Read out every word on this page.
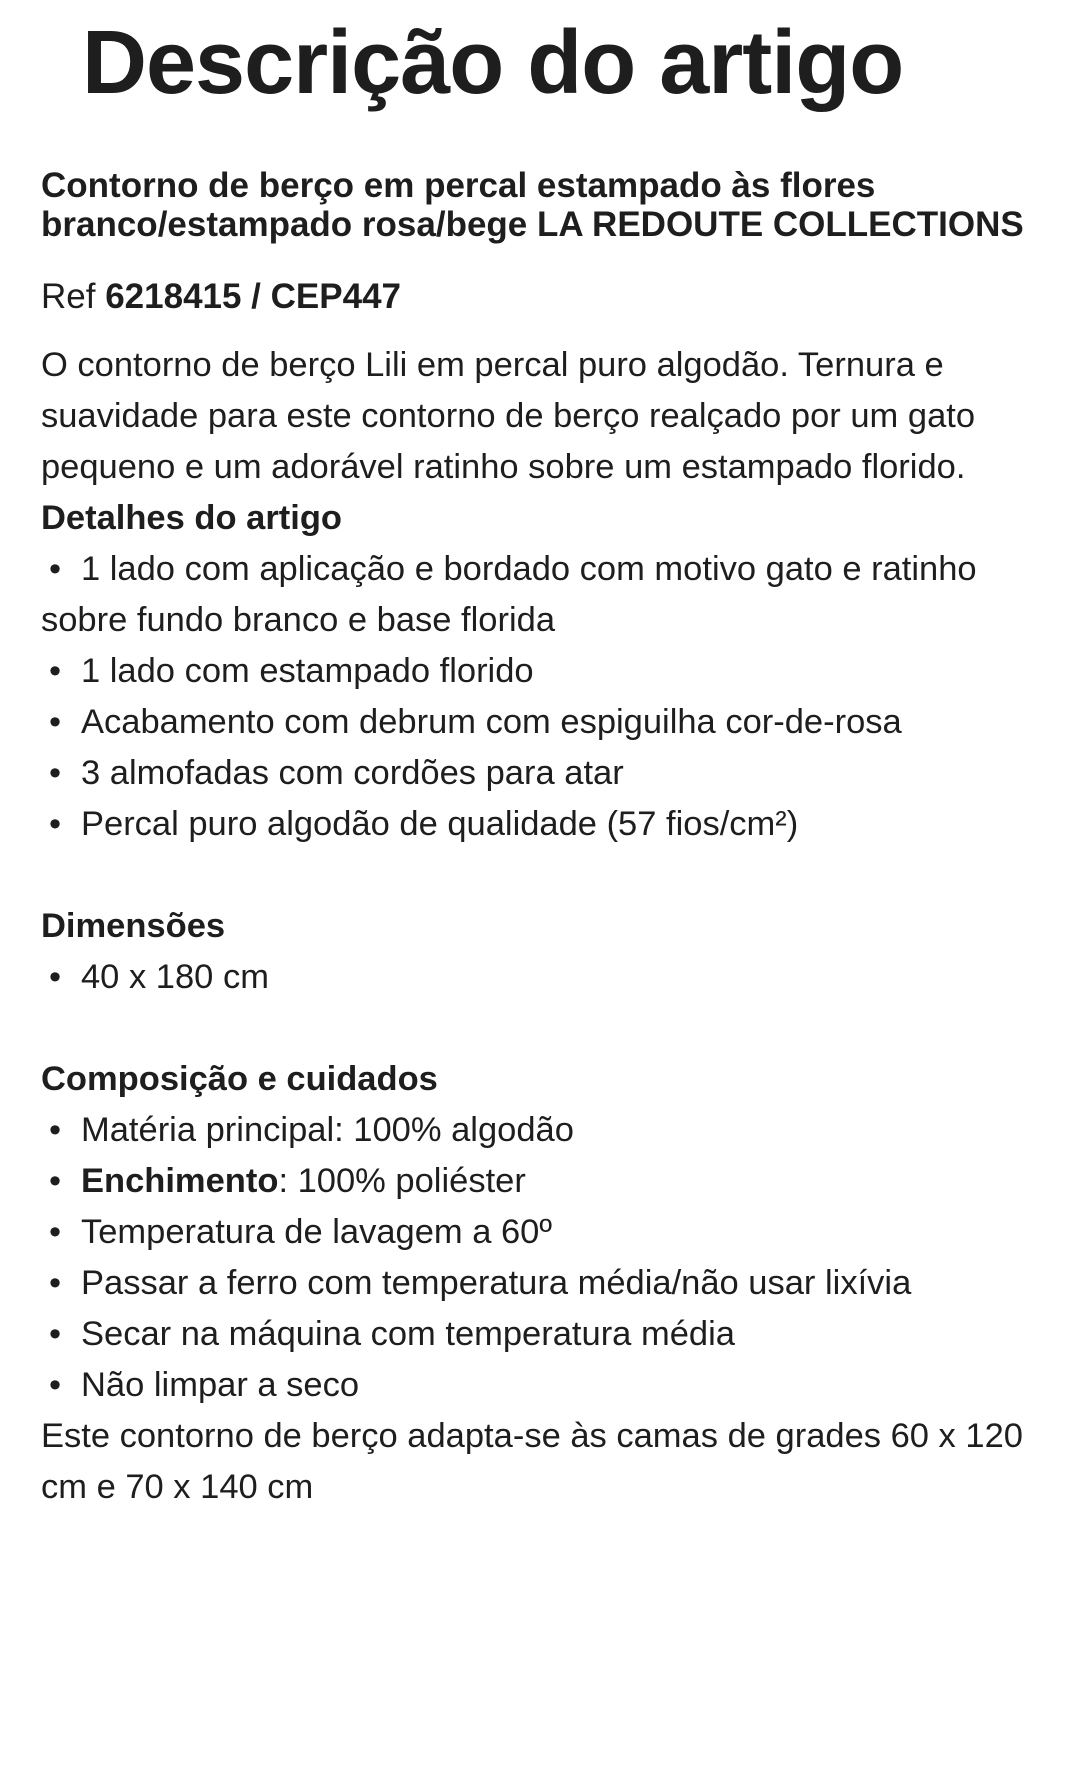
Descrição do artigo
Contorno de berço em percal estampado às flores branco/estampado rosa/bege LA REDOUTE COLLECTIONS

Ref 6218415 / CEP447

O contorno de berço Lili em percal puro algodão. Ternura e suavidade para este contorno de berço realçado por um gato pequeno e um adorável ratinho sobre um estampado florido.

Detalhes do artigo
•1 lado com aplicação e bordado com motivo gato e ratinho sobre fundo branco e base florida
•1 lado com estampado florido
•Acabamento com debrum com espiguilha cor-de-rosa
•3 almofadas com cordões para atar
•Percal puro algodão de qualidade (57 fios/cm²)
Dimensões
•40 x 180 cm
Composição e cuidados
•Matéria principal: 100% algodão
•Enchimento: 100% poliéster
•Temperatura de lavagem a 60º
•Passar a ferro com temperatura média/não usar lixívia
•Secar na máquina com temperatura média
•Não limpar a seco

Este contorno de berço adapta-se às camas de grades 60 x 120 cm e 70 x 140 cm
